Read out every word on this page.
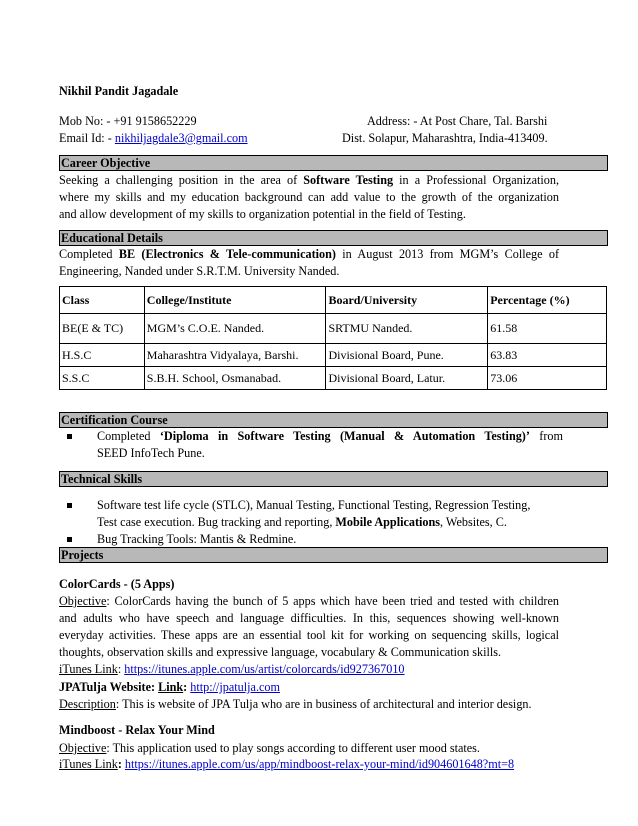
Nikhil Pandit Jagadale
Mob No: - +91 9158652229	Address: - At Post Chare, Tal. Barshi
Email Id: - nikhiljagdale3@gmail.com	Dist. Solapur, Maharashtra, India-413409.
Career Objective
Seeking a challenging position in the area of Software Testing in a Professional Organization,
where my skills and my education background can add value to the growth of the organization
and allow development of my skills to organization potential in the field of Testing.
Educational Details
Completed BE (Electronics & Tele-communication) in August 2013 from MGM’s College of
Engineering, Nanded under S.R.T.M. University Nanded.
Class	College/Institute	Board/University	Percentage (%)
BE(E & TC)	MGM’s C.O.E. Nanded.	SRTMU Nanded.	61.58
H.S.C	Maharashtra Vidyalaya, Barshi.	Divisional Board, Pune.	63.83
S.S.C	S.B.H. School, Osmanabad.	Divisional Board, Latur.	73.06
Certification Course
Completed ‘Diploma in Software Testing (Manual & Automation Testing)’ from
SEED InfoTech Pune.
Technical Skills
Software test life cycle (STLC), Manual Testing, Functional Testing, Regression Testing,
Test case execution. Bug tracking and reporting, Mobile Applications, Websites, C.
Bug Tracking Tools: Mantis & Redmine.
Projects
ColorCards - (5 Apps)
Objective: ColorCards having the bunch of 5 apps which have been tried and tested with children
and adults who have speech and language difficulties. In this, sequences showing well-known
everyday activities. These apps are an essential tool kit for working on sequencing skills, logical
thoughts, observation skills and expressive language, vocabulary & Communication skills.
iTunes Link: https://itunes.apple.com/us/artist/colorcards/id927367010
JPATulja Website: Link: http://jpatulja.com
Description: This is website of JPA Tulja who are in business of architectural and interior design.
Mindboost - Relax Your Mind
Objective: This application used to play songs according to different user mood states.
iTunes Link: https://itunes.apple.com/us/app/mindboost-relax-your-mind/id904601648?mt=8
